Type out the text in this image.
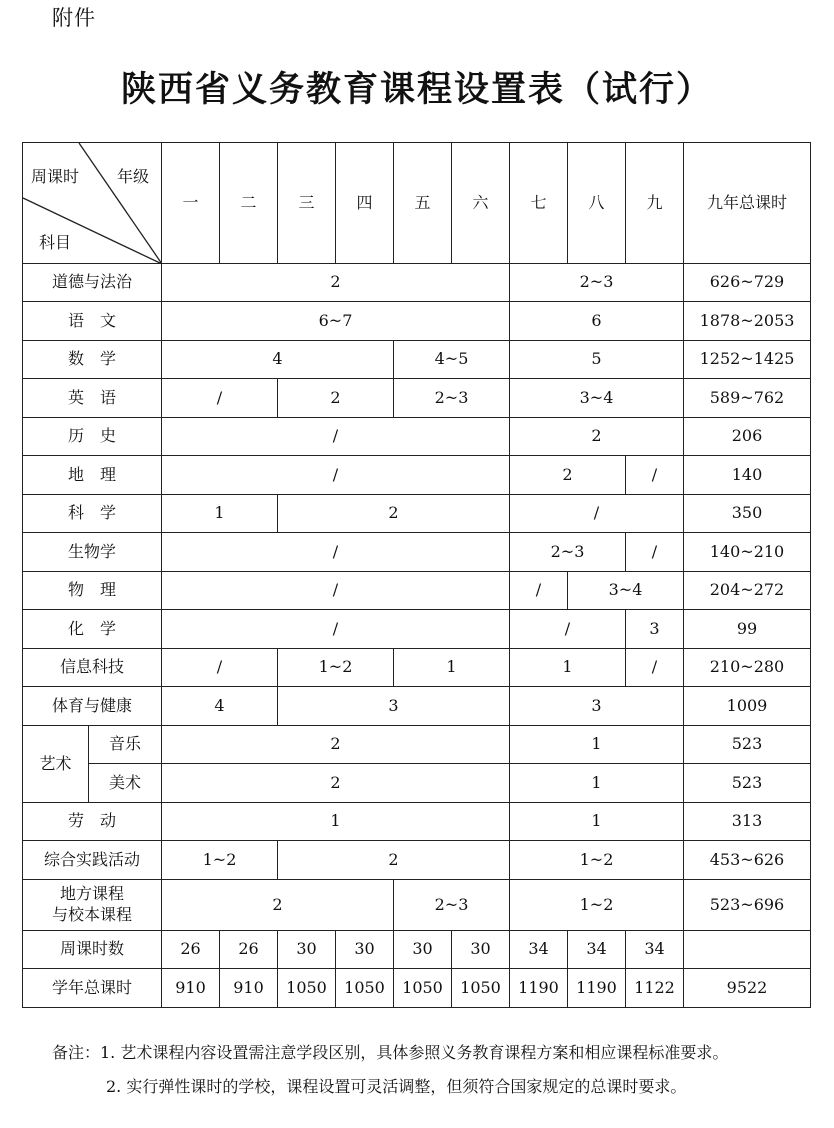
附件
陕西省义务教育课程设置表（试行）
周课时 年级
科目		一	二	三	四	五	六	七	八	九	九年总课时
道德与法治		2						2~3			626~729
语　文		6~7						6			1878~2053
数　学		4				4~5		5			1252~1425
英　语		/		2		2~3		3~4			589~762
历　史		/						2			206
地　理		/						2		/	140
科　学		1		2				/			350
生物学		/						2~3		/	140~210
物　理		/						/	3~4		204~272
化　学		/						/		3	99
信息科技		/		1~2		1		1		/	210~280
体育与健康		4		3				3			1009
艺术	音乐	2						1			523
	美术	2						1			523
劳　动		1						1			313
综合实践活动		1~2		2				1~2			453~626

地方课程
与校本课程		2				2~3		1~2			523~696
周课时数		26	26	30	30	30	30	34	34	34	
学年总课时		910	910	1050	1050	1050	1050	1190	1190	1122	9522
备注：1. 艺术课程内容设置需注意学段区别，具体参照义务教育课程方案和相应课程标准要求。
2. 实行弹性课时的学校，课程设置可灵活调整，但须符合国家规定的总课时要求。
